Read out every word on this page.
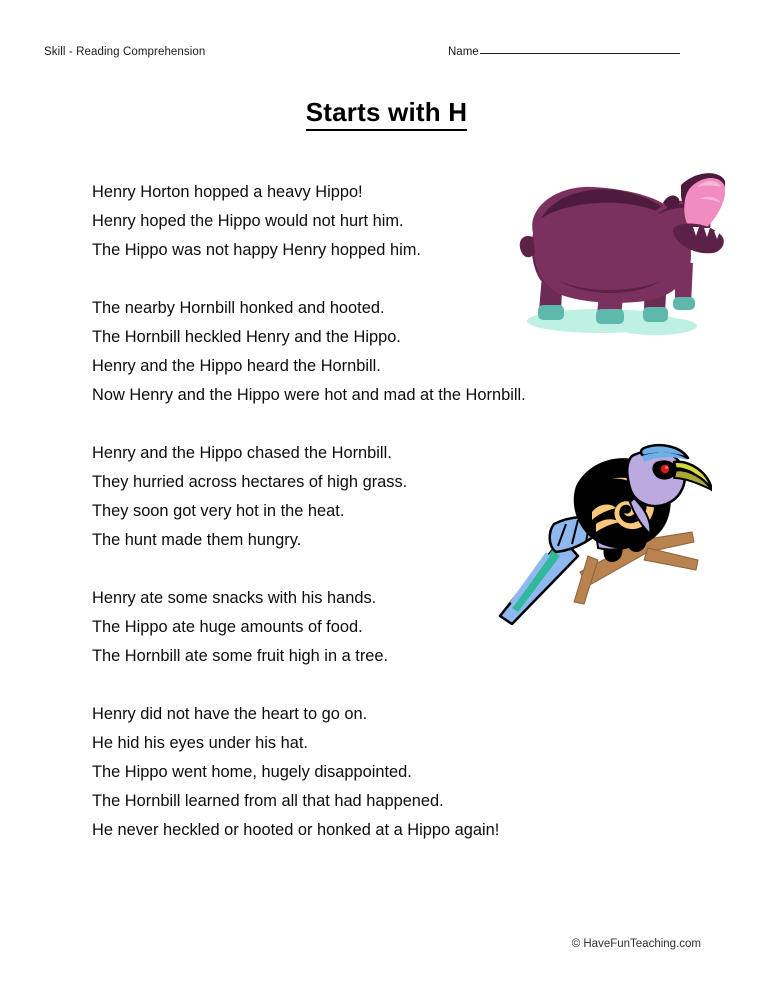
Skill - Reading Comprehension	Name
Starts with H
Henry Horton hopped a heavy Hippo!
Henry hoped the Hippo would not hurt him.
The Hippo was not happy Henry hopped him.
The nearby Hornbill honked and hooted.
The Hornbill heckled Henry and the Hippo.
Henry and the Hippo heard the Hornbill.
Now Henry and the Hippo were hot and mad at the Hornbill.
Henry and the Hippo chased the Hornbill.
They hurried across hectares of high grass.
They soon got very hot in the heat.
The hunt made them hungry.
Henry ate some snacks with his hands.
The Hippo ate huge amounts of food.
The Hornbill ate some fruit high in a tree.
Henry did not have the heart to go on.
He hid his eyes under his hat.
The Hippo went home, hugely disappointed.
The Hornbill learned from all that had happened.
He never heckled or hooted or honked at a Hippo again!
© HaveFunTeaching.com
